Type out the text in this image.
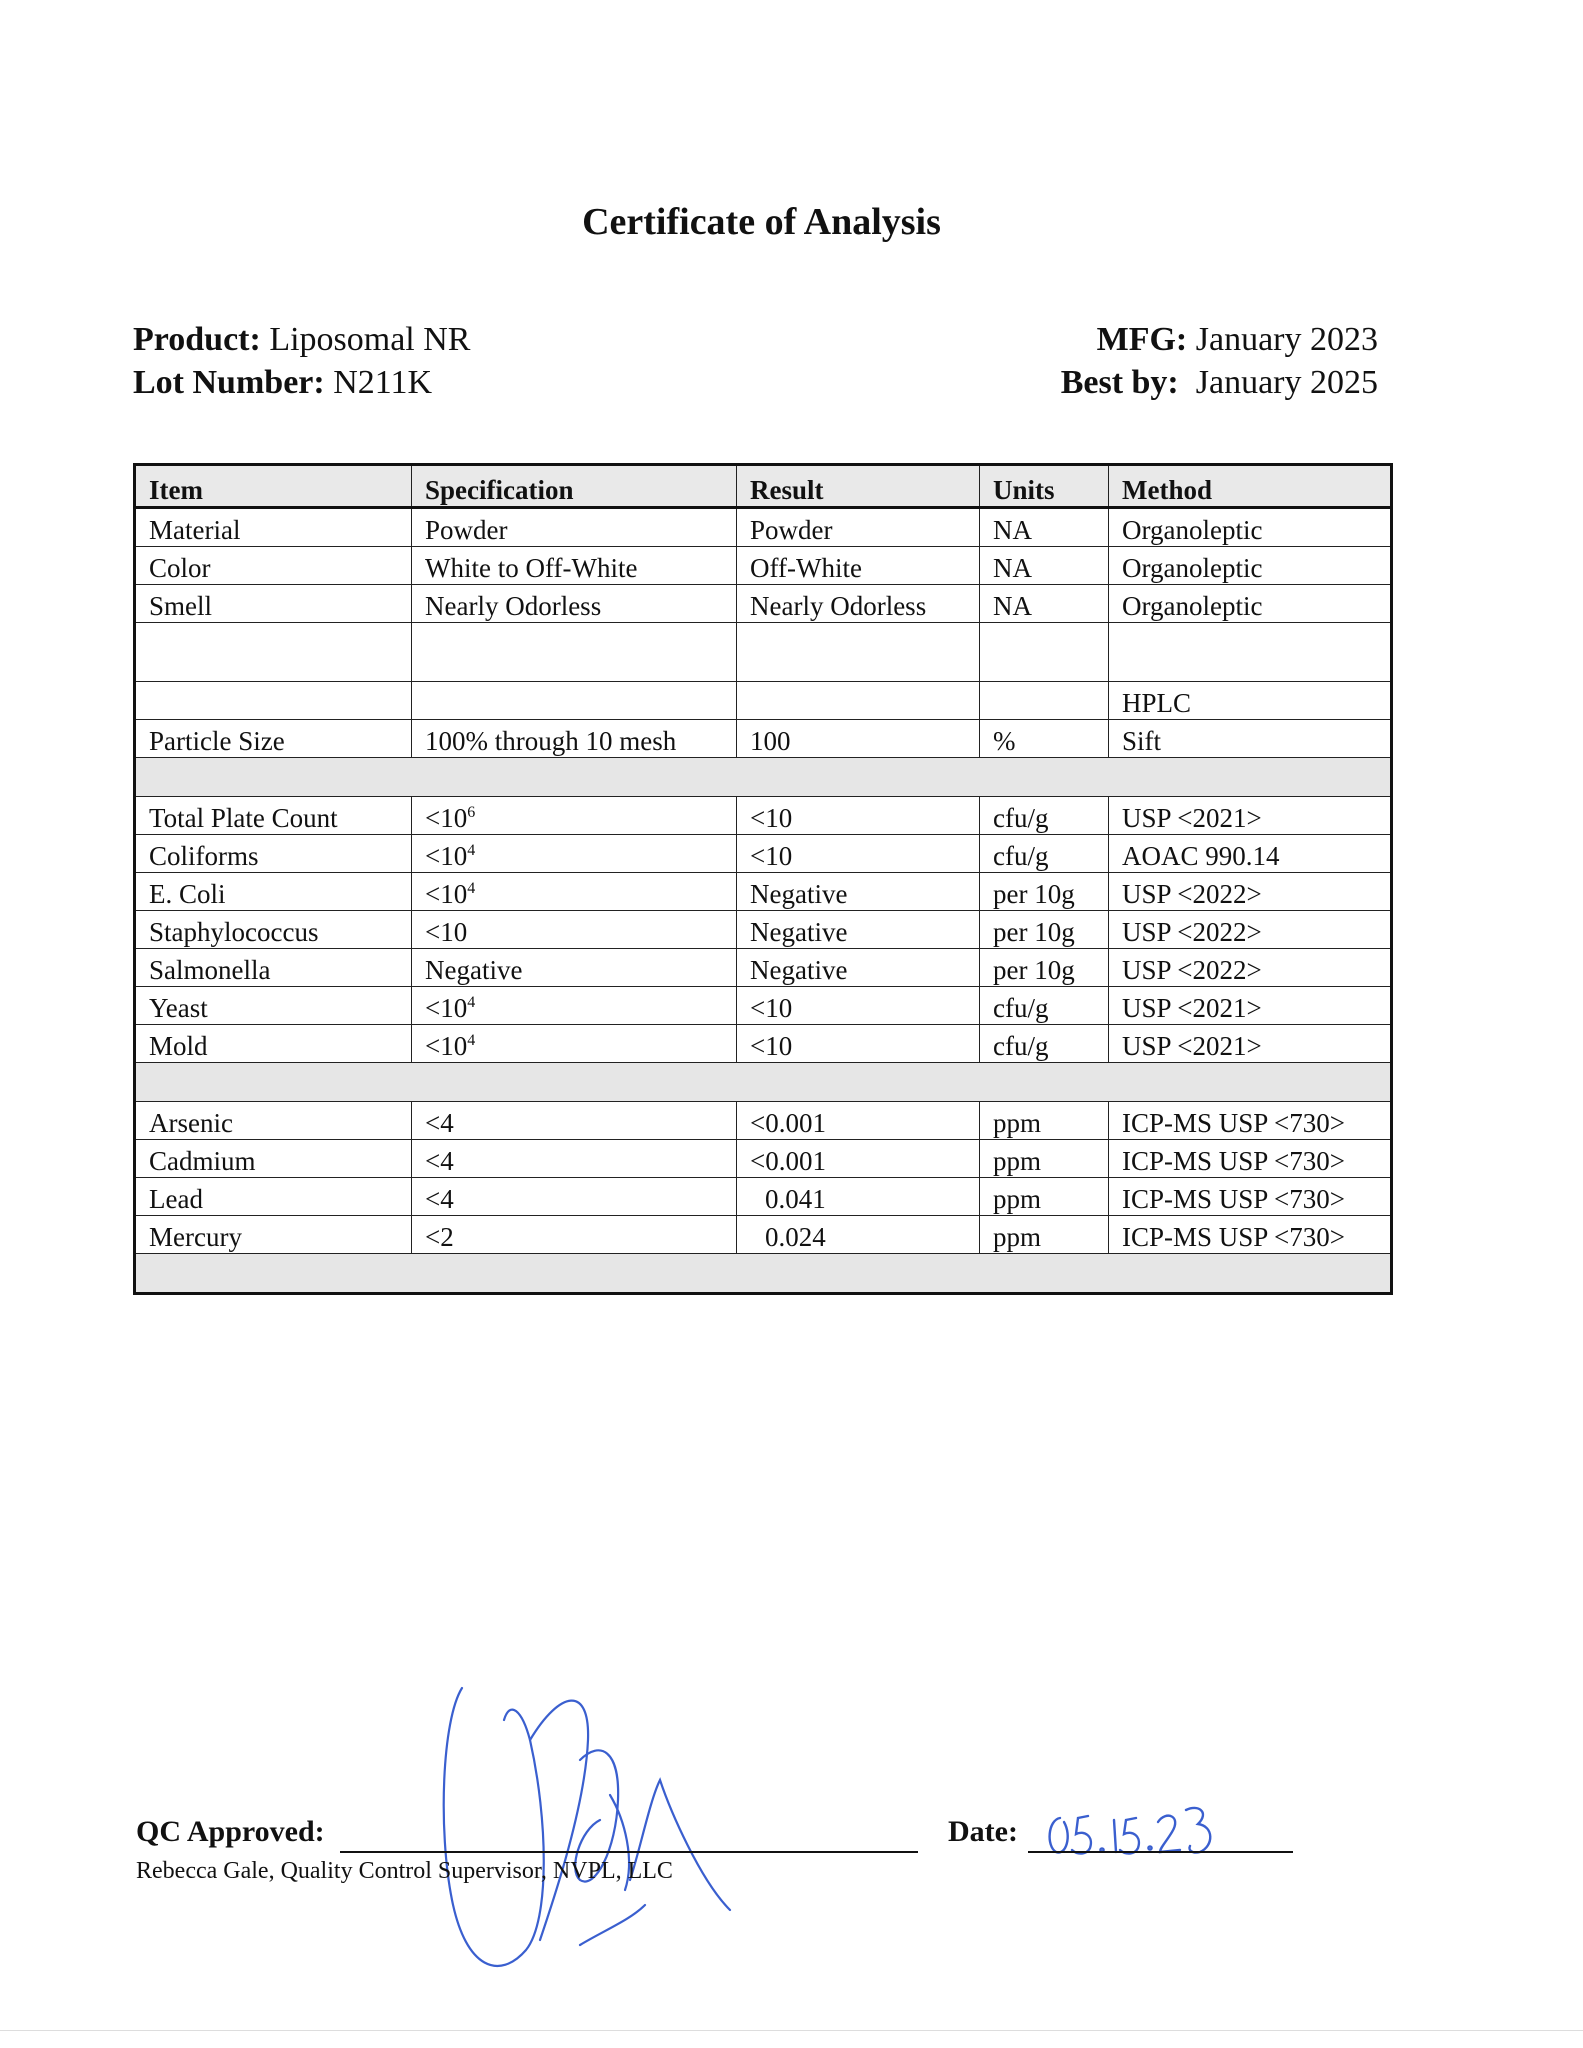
Certificate of Analysis
Product: Liposomal NR
Lot Number: N211K
MFG: January 2023
Best by: January 2025
Item	Specification	Result	Units	Method
Material	Powder	Powder	NA	Organoleptic
Color	White to Off-White	Off-White	NA	Organoleptic
Smell	Nearly Odorless	Nearly Odorless	NA	Organoleptic

				HPLC
Particle Size	100% through 10 mesh	100	%	Sift

Total Plate Count	$<10^6$	<10	cfu/g	USP <2021>
Coliforms	$<10^4$	<10	cfu/g	AOAC 990.14
E. Coli	$<10^4$	Negative	per 10g	USP <2022>
Staphylococcus	<10	Negative	per 10g	USP <2022>
Salmonella	Negative	Negative	per 10g	USP <2022>
Yeast	$<10^4$	<10	cfu/g	USP <2021>
Mold	$<10^4$	<10	cfu/g	USP <2021>

Arsenic	<4	<0.001	ppm	ICP-MS USP <730>
Cadmium	<4	<0.001	ppm	ICP-MS USP <730>
Lead	<4	0.041	ppm	ICP-MS USP <730>
Mercury	<2	0.024	ppm	ICP-MS USP <730>

QC Approved:
Rebecca Gale, Quality Control Supervisor, NVPL, LLC
Date:
